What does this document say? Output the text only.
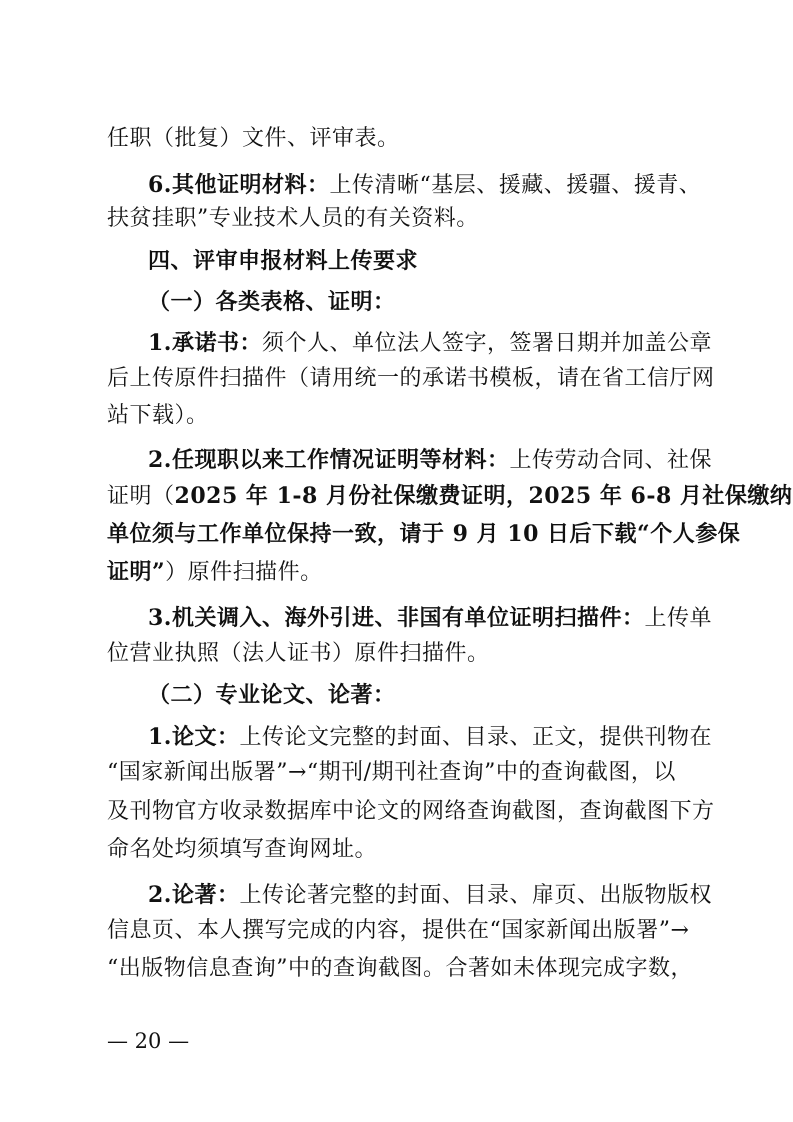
任职（批复）文件、评审表。
6.其他证明材料：上传清晰“基层、援藏、援疆、援青、
扶贫挂职”专业技术人员的有关资料。
四、评审申报材料上传要求
（一）各类表格、证明：
1.承诺书：须个人、单位法人签字，签署日期并加盖公章
后上传原件扫描件（请用统一的承诺书模板，请在省工信厅网
站下载）。
2.任现职以来工作情况证明等材料：上传劳动合同、社保
证明（2025 年 1-8 月份社保缴费证明，2025 年 6-8 月社保缴纳
单位须与工作单位保持一致，请于 9 月 10 日后下载“个人参保
证明”）原件扫描件。
3.机关调入、海外引进、非国有单位证明扫描件：上传单
位营业执照（法人证书）原件扫描件。
（二）专业论文、论著：
1.论文：上传论文完整的封面、目录、正文，提供刊物在
“国家新闻出版署”→“期刊/期刊社查询”中的查询截图，以
及刊物官方收录数据库中论文的网络查询截图，查询截图下方
命名处均须填写查询网址。
2.论著：上传论著完整的封面、目录、扉页、出版物版权
信息页、本人撰写完成的内容，提供在“国家新闻出版署”→
“出版物信息查询”中的查询截图。合著如未体现完成字数，
— 20 —
